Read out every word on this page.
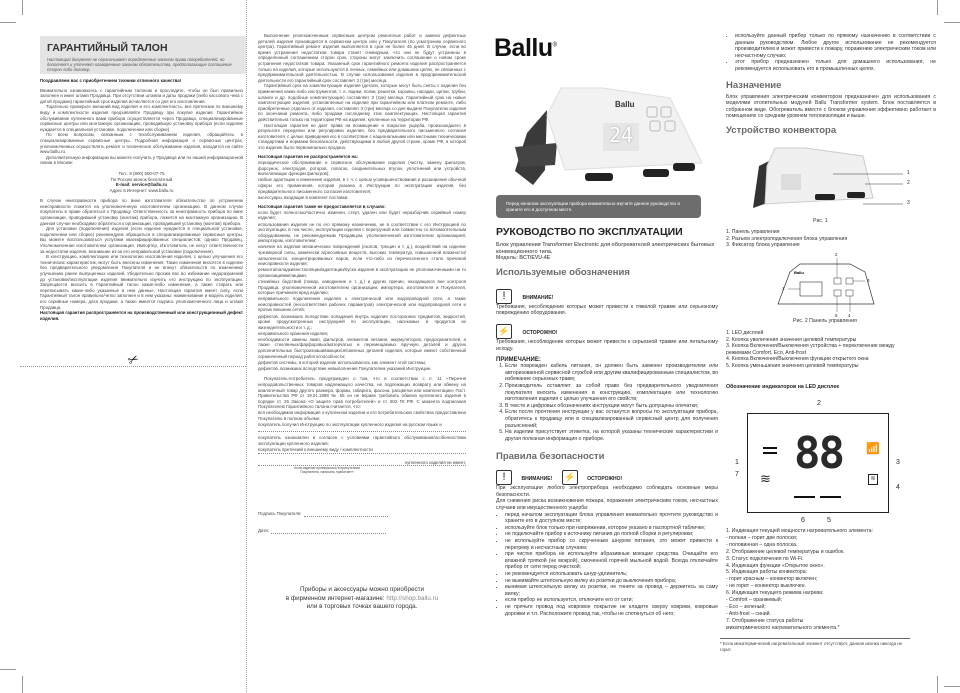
ГАРАНТИЙНЫЙ ТАЛОН

Настоящий документ не ограничивает определенные законом права потребителей, но дополняет и уточняет оговоренные законом обязательства, предполагающие соглашение сторон либо договор.

Поздравляем вас с приобретением техники отличного качества!

Внимательно ознакомьтесь с гарантийным талоном и проследите, чтобы он был правильно заполнен и имел штамп Продавца. При отсутствии штампа и даты продажи (либо кассового чека с датой продажи) гарантийный срок изделия исчисляется со дня его изготовления.

Тщательно проверьте внешний вид изделия и его комплектность, все претензии по внешнему виду и комплектности изделия предъявляйте Продавцу при покупке изделия. Гарантийное обслуживание купленного вами прибора осуществляется через Продавца, специализированные сервисные центры или монтажную организацию, проводившую установку прибора (если изделие нуждается в специальной установке, подключении или сборке).

По всем вопросам, связанным с техобслуживанием изделия, обращайтесь в специализированные сервисные центры. Подробная информация о сервисных центрах, уполномоченных осуществлять ремонт и техническое обслуживание изделия, находится на сайте www.ballu.ru.

Дополнительную информацию вы можете получить у Продавца или по нашей информационной линии в Москве:

Тел.: 8 (800) 500-07-75

По России звонок бесплатный

E-mail: service@ballu.ru

Адрес в Интернет: www.ballu.ru

В случае неисправности прибора по вине изготовителя обязательство по устранению неисправности ложится на уполномоченную изготовителем организацию. В данном случае покупатель в праве обратиться к Продавцу. Ответственность за неисправность прибора по вине организации, проводившей установку (монтаж) прибора, ложится на монтажную организацию. В данном случае необходимо обратиться к организации, проводившей установку (монтаж) прибора.

Для установки (подключения) изделия (если изделие нуждается в специальной установке, подключении или сборке) рекомендуем обращаться в специализированные сервисные центры. Вы можете воспользоваться услугами квалифицированных специалистов, однако Продавец, Уполномоченная изготовителем организация, Импортер, Изготовитель не несут ответственности за недостатки изделия, возникшие из-за его неправильной установки (подключения).

В конструкцию, комплектацию или технологию изготовления изделия, с целью улучшения его технических характеристик, могут быть внесены изменения. Такие изменения вносятся в изделие без предварительного уведомления Покупателя и не влекут обязательств по изменению/улучшению ранее выпущенных изделий. Убедительно просим вас во избежание недоразумений до установки/эксплуатации изделия внимательно изучить его инструкцию по эксплуатации. Запрещается вносить в Гарантийный талон какие-либо изменения, а также стирать или переписывать какие-либо указанные в нем данные. Настоящая гарантия имеет силу, если Гарантийный талон правильно/четко заполнен и в нем указаны: наименование и модель изделия, его серийные номера, дата продажи, а также имеется подпись уполномоченного лица и штамп Продавца.

Настоящая гарантия распространяется на производственный или конструкционный дефект изделия.

✂

Выполнение уполномоченным сервисным центром ремонтных работ и замена дефектных деталей изделия производится в сервисном центре или у Покупателя (по усмотрению сервисного центра). Гарантийный ремонт изделия выполняется в срок не более 45 дней. В случае, если во время устранения недостатков товара станет очевидным, что они не будут устранены в определенный соглашением сторон срок, стороны могут заключить соглашение о новом сроке устранения недостатков товара. Указанный срок гарантийного ремонта изделия распространяется только на изделия, которые используются в личных, семейных или домашних целях, не связанных с предпринимательской деятельностью. В случае использования изделия в предпринимательской деятельности его гарантийный срок составляет 3 (три) месяца.

Гарантийный срок на комплектующие изделия (детали, которые могут быть сняты с изделия без применения каких-либо инструментов, т. е. ящики, полки, решетки, корзины, насадки, щетки, трубки, шланги и др. подобные комплектующие) составляет 3 (три) месяца. Гарантийный срок на новые комплектующие изделия, установленные на изделие при гарантийном или платном ремонте, либо приобретенные отдельно от изделия, составляет 3 (три) месяца со дня выдачи Покупателю изделия по окончании ремонта, либо продажи последнему этих комплектующих. Настоящая гарантия действительна только на территории РФ на изделия, купленные на территории РФ.

Настоящая гарантия не дает права на возмещение и покрытие ущерба, произошедшего в результате переделки или регулировки изделия, без предварительного письменного согласия изготовителя, с целью приведения его в соответствие с национальными или местными техническими стандартами и нормами безопасности, действующими в любой другой стране, кроме РФ, в которой это изделие было первоначально продано.

Настоящая гарантия не распространяется на:

периодическое обслуживание и сервисное обслуживание изделия (чистку, замену фильтров, форсунок, электродов, роторов, лопаток, соединительных втулок, уплотнений или устройств, выполняющих функции фильтров);
любые адаптации и изменения изделия, в т. ч. с целью усовершенствования и расширения обычной сферы его применения, которая указана в Инструкции по эксплуатации изделия, без предварительного письменного согласия изготовителя;
аксессуары, входящие в комплект поставки.

Настоящая гарантия также не предоставляется в случаях:

если будет полностью/частично изменен, стерт, удален или будет неразборчив серийный номер изделия;
использования изделия не по его прямому назначению, не в соответствии с его Инструкцией по эксплуатации, в том числе, эксплуатации изделия с перегрузкой или совместно со вспомогательным оборудованием, не рекомендуемым Продавцом, уполномоченной изготовителем организацией, импортером, изготовителем;
наличия на изделии механических повреждений (сколов, трещин и т. д.), воздействий на изделие чрезмерной силы, химически агрессивных веществ, высоких температур, повышенной влажности/запыленности, концентрированных паров, если что-либо из перечисленного стало причиной неисправности изделия;
ремонта/наладки/инсталляции/адаптации/пуска изделия в эксплуатацию не уполномоченными на то организациями/лицами;
стихийных бедствий (пожар, наводнение и т. д.) и других причин, находящихся вне контроля Продавца, уполномоченной изготовителем организации, импортера, изготовителя и Покупателя, которые причинили вред изделию;
неправильного подключения изделия к электрической или водопроводной сети, а также неисправностей (несоответствия рабочих параметров) электрической или водопроводной сети и прочих внешних сетей;
дефектов, возникших вследствие попадания внутрь изделия посторонних предметов, жидкостей, кроме предусмотренных инструкцией по эксплуатации, насекомых и продуктов их жизнедеятельности и т. д.;
неправильного хранения изделия;
необходимости замены ламп, фильтров, элементов питания, аккумуляторов, предохранителей, а также стеклянных/фарфоровых/матерчатых и перемещаемых вручную деталей и других дополнительных быстроизнашивающихся/сменных деталей изделия, которые имеют собственный ограниченный период работоспособности;
дефектов системы, в которой изделие использовалось как элемент этой системы;
дефектов, возникших вследствие невыполнения Покупателем указаний Инструкции.

Покупатель-потребитель предупрежден о том, что в соответствии с п. 11 «Перечня непродовольственных товаров надлежащего качества, не подлежащих возврату или обмену на аналогичный товар другого размера, формы, габарита, фасона, расцветки или комплектации» Пост. Правительства РФ от 19.01.1998 № 55 он не вправе требовать обмена купленного изделия в порядке ст. 25 Закона «О защите прав потребителей» и ст. 502 ГК РФ. С момента подписания Покупателем Гарантийного талона считается, что:

вся необходимая информация о купленном изделии и его потребительских свойствах предоставлена Покупателю в полном объеме;
покупатель получил Инструкцию по эксплуатации купленного изделия на русском языке и
покупатель ознакомлен и согласен с условиями гарантийного обслуживания/особенностями эксплуатации купленного изделия;
покупатель претензий к внешнему виду / комплектности

купленного изделия не имеет.

если изделие проверялось в присутствии

Покупателя, написать «работает»

Подпись Покупателя:
Дата:
Приборы и аксессуары можно приобрести
в фирменном интернет-магазине: http://shop.ballu.ru
или в торговых точках вашего города.
Ballu®
Ballu
24
Перед началом эксплуатации прибора внимательно изучите данное руководство и храните его в доступном месте.
РУКОВОДСТВО ПО ЭКСПЛУАТАЦИИ

Блок управления Transformer Electronic для обогревателей электрических бытовых конвекционного типа.

Модель: BCT/EVU-4E

Используемые обозначения
!	ВНИМАНИЕ!

Требования, несоблюдение которых может привести к тяжелой травме или серьезному повреждению оборудования.

⚡	ОСТОРОЖНО!

Требования, несоблюдение которых может привести к серьезной травме или летальному исходу.

ПРИМЕЧАНИЕ:

1. Если поврежден кабель питания, он должен быть заменен производителем или авторизованной сервисной службой или другим квалифицированным специалистом, во избежание серьезных травм;
2. Производитель оставляет за собой право без предварительного уведомления покупателя вносить изменения в конструкцию, комплектацию или технологию изготовления изделия с целью улучшения его свойств;
3. В тексте и цифровых обозначениях инструкции могут быть допущены опечатки;
4. Если после прочтения инструкции у вас останутся вопросы по эксплуатации прибора, обратитесь к продавцу или в специализированный сервисный центр для получения разъяснений;
5. На изделии присутствует этикетка, на которой указаны технические характеристики и другая полезная информация о приборе.
Правила безопасности
!	ВНИМАНИЕ! ⚡ ОСТОРОЖНО!

При эксплуатации любого электроприбора необходимо соблюдать основные меры безопасности.

Для снижения риска возникновения пожара, поражения электрическим током, несчастных случаев или имущественного ущерба:

• перед началом эксплуатации блока управления внимательно прочтите руководство и храните его в доступном месте;
• используйте блок только при напряжении, которое указано в паспортной табличке;
• не подключайте прибор к источнику питания до полной сборки и регулировки;
• не используйте прибор со скрученным шнуром питания, это может привести к перегреву и несчастным случаям;
• при чистке прибора не используйте абразивные моющие средства. Очищайте его влажной тряпкой (не мокрой), смоченной горячей мыльной водой. Всегда отключайте прибор от сети перед очисткой;
• не рекомендуется использовать шнур-удлинитель;
• не вынимайте штепсельную вилку из розетки до выключения прибора;
• вынимая штепсельную вилку из розетки, не тяните за провод – держитесь за саму вилку;
• если прибор не используется, отключите его от сети;
• не прячьте провод под ковровое покрытие не кладите сверху коврики, ковровые дорожки и т.п. Расположите провод так, чтобы не споткнуться об него;
• используйте данный прибор только по прямому назначению в соответствии с данным руководством. Любое другое использование не рекомендуется производителем и может привести к пожару, поражению электрическим током или несчастному случаю;
• этот прибор предназначен только для домашнего использования, не рекомендуется использовать его в промышленных целях.
Назначение

Блок управления электрическим конвектором предназначен для использования с моделями отопительных модулей Ballu Transformer system. Блок поставляется в собранном виде. Обогреватель вместе с блоком управления эффективно работает в помещениях со средним уровнем теплоизоляции и выше.

Устройство конвектора
1
2
3
Рис. 1
1. Панель управления
2. Разъем электроподключения блока управления
3. Фиксатор блока управления
Ballu
1
2
3
4
5
Рис. 2 Панель управления
1. LED дисплей
2. Кнопка увеличения значения целевой температуры
3. Кнопка Включения/Выключения устройства + переключение между режимами Comfort, Eco, Anti-frost
4. Кнопка Включения/Выключения функции открытого окна
5. Кнопка уменьшения значения целевой температуры
Обозначение индикаторов на LED дисплее
88 📶
≋
≋
1
2
3
4
5
6
7
1. Индикация текущей мощности нагревательного элемента:
- полная – горит две полоски;
- половинная – одна полоска.
2. Отображение целевой температуры и ошибок.
3. Статус подключения по Wi-Fi.
4. Индикация функции «Открытое окно».
5. Индикация работы конвектора:
- горит красным – конвектор включен;
- не горит – конвектор выключен.
6. Индикация текущего режима нагрева:
- Comfort – оранжевый;
- Eco – зеленый;
- Anti-frost – синий.
7. Отображение статуса работы
микатермического нагревательного элемента.*
* Если микатермический нагревательный элемент отсутствует, данная иконка никогда не горит.
